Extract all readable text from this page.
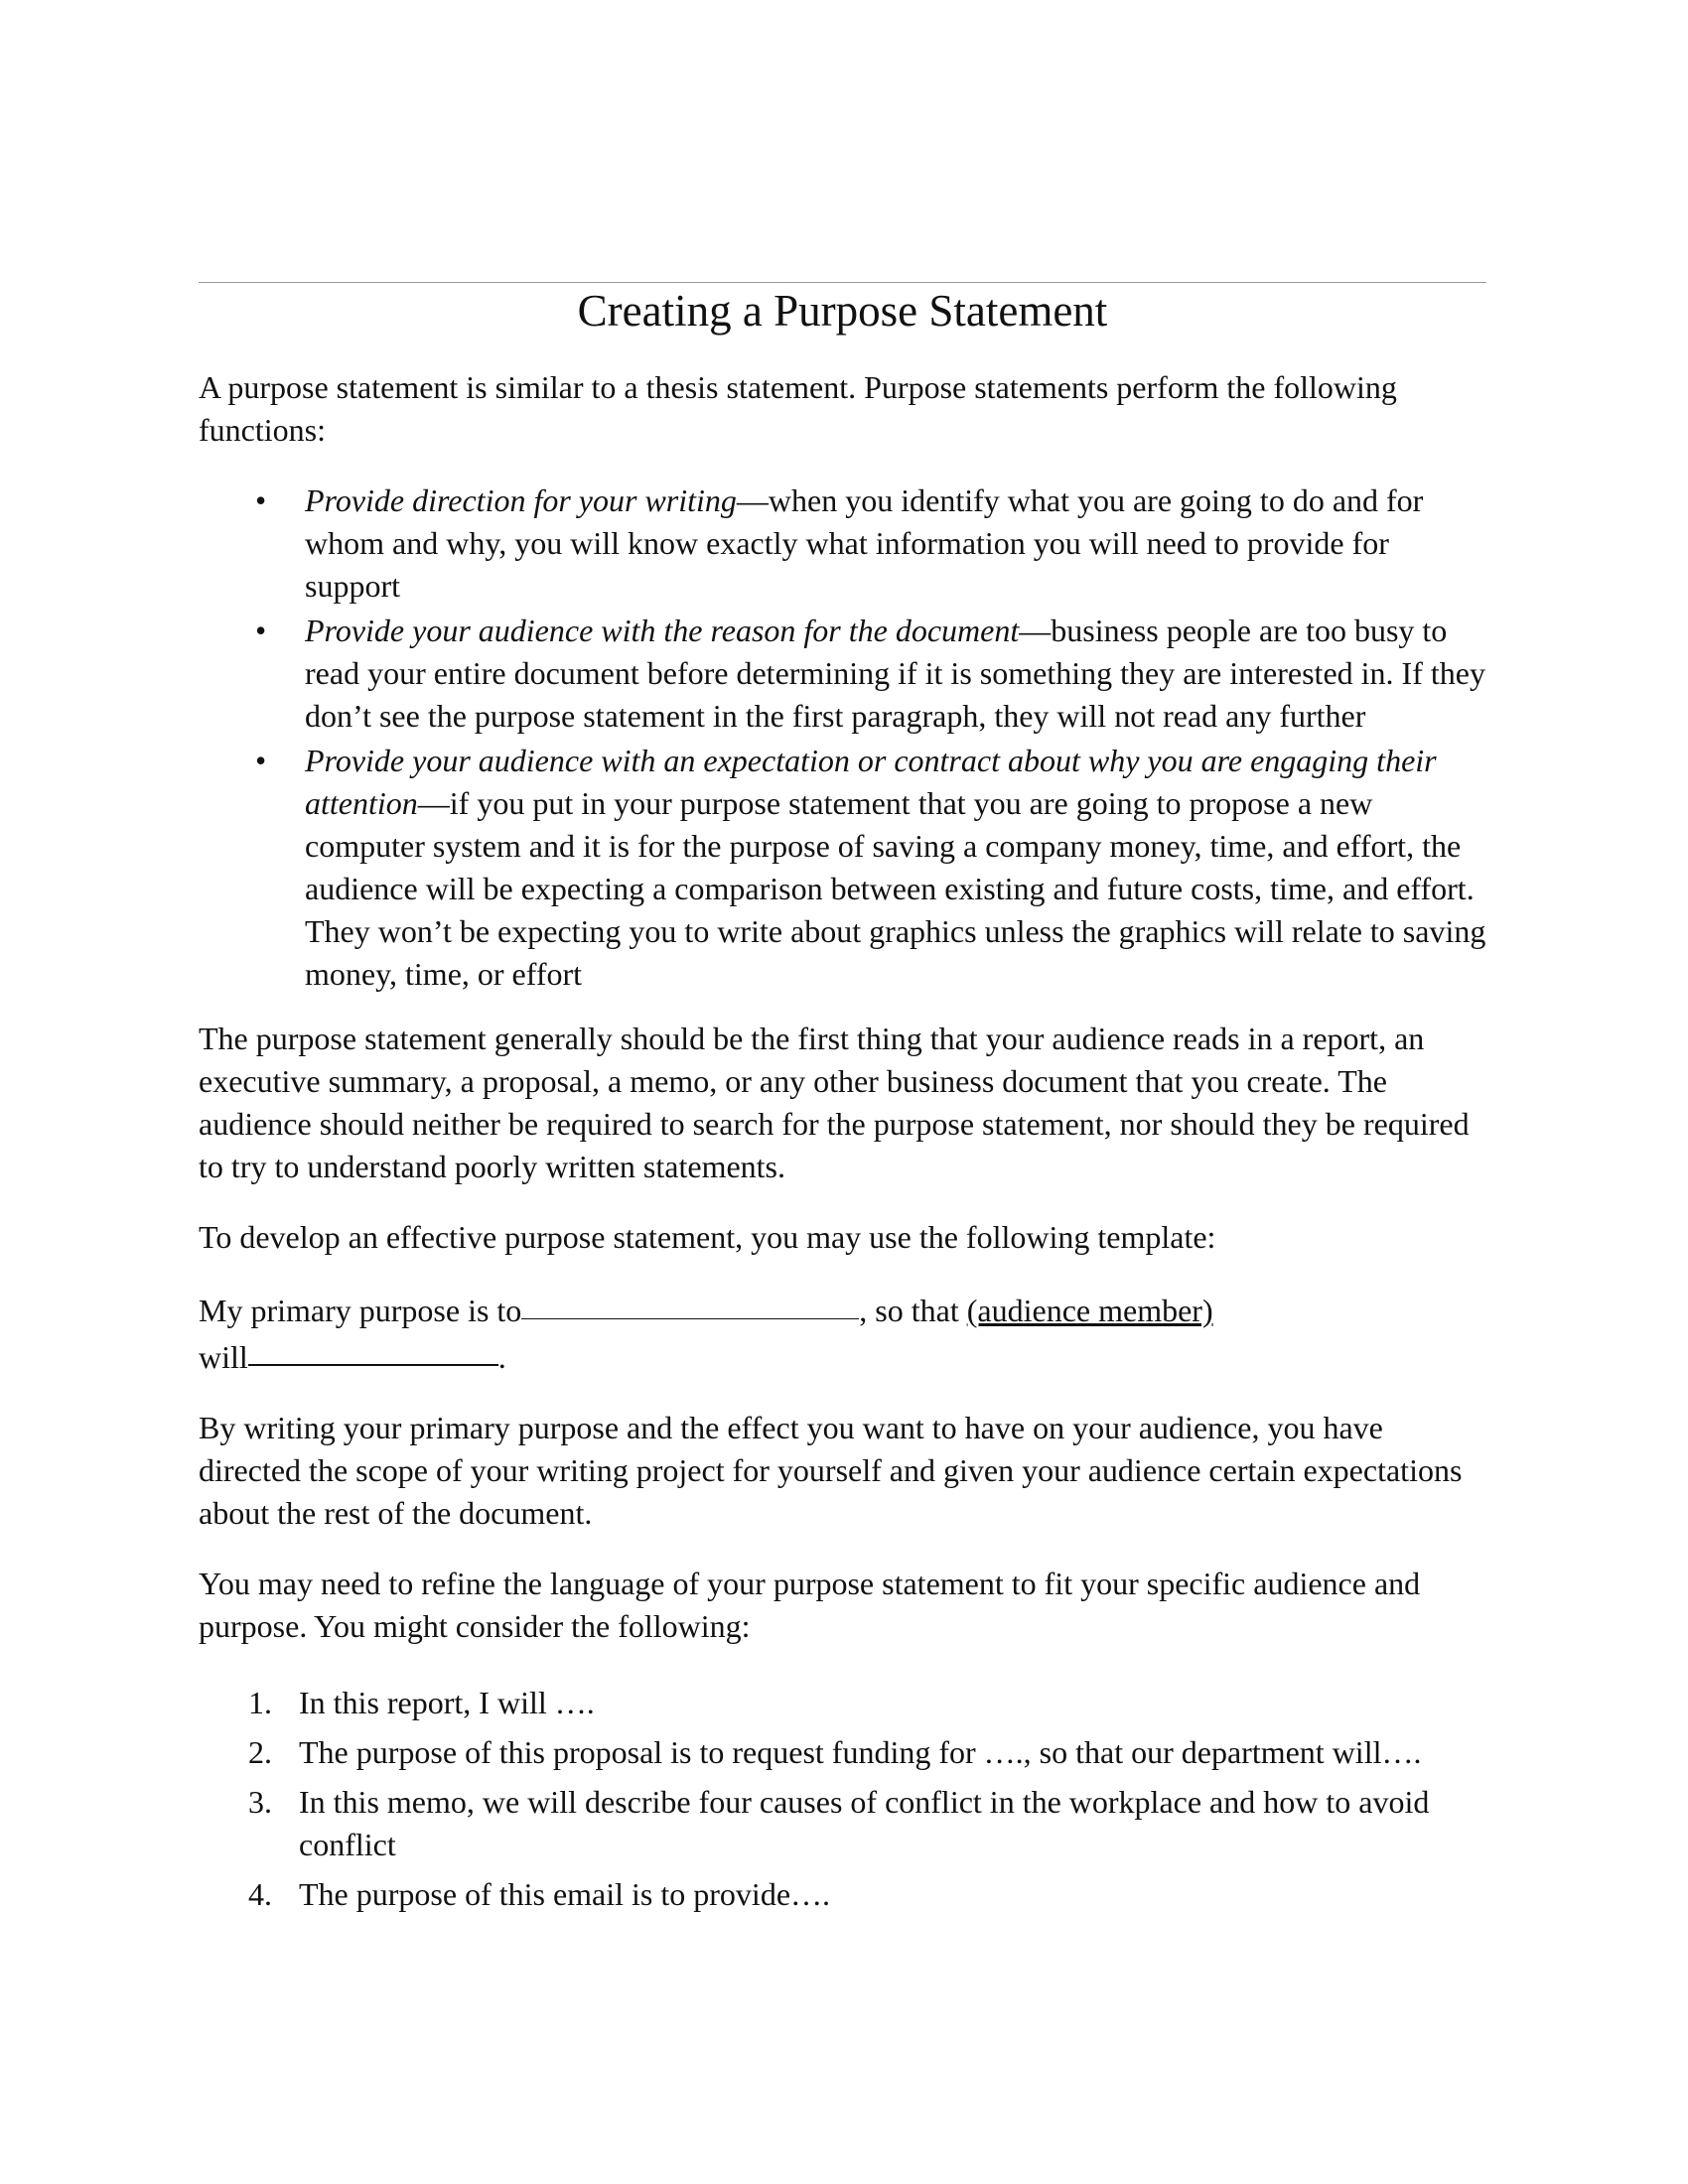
Creating a Purpose Statement

A purpose statement is similar to a thesis statement. Purpose statements perform the following functions:

• Provide direction for your writing—when you identify what you are going to do and for whom and why, you will know exactly what information you will need to provide for support
• Provide your audience with the reason for the document—business people are too busy to read your entire document before determining if it is something they are interested in. If they don’t see the purpose statement in the first paragraph, they will not read any further
• Provide your audience with an expectation or contract about why you are engaging their attention—if you put in your purpose statement that you are going to propose a new computer system and it is for the purpose of saving a company money, time, and effort, the audience will be expecting a comparison between existing and future costs, time, and effort. They won’t be expecting you to write about graphics unless the graphics will relate to saving money, time, or effort

The purpose statement generally should be the first thing that your audience reads in a report, an executive summary, a proposal, a memo, or any other business document that you create. The audience should neither be required to search for the purpose statement, nor should they be required to try to understand poorly written statements.

To develop an effective purpose statement, you may use the following template:

My primary purpose is to	, so that (audience member)
will	.

By writing your primary purpose and the effect you want to have on your audience, you have directed the scope of your writing project for yourself and given your audience certain expectations about the rest of the document.

You may need to refine the language of your purpose statement to fit your specific audience and purpose. You might consider the following:

1. In this report, I will ….
2. The purpose of this proposal is to request funding for …., so that our department will….
3. In this memo, we will describe four causes of conflict in the workplace and how to avoid conflict
4. The purpose of this email is to provide….
